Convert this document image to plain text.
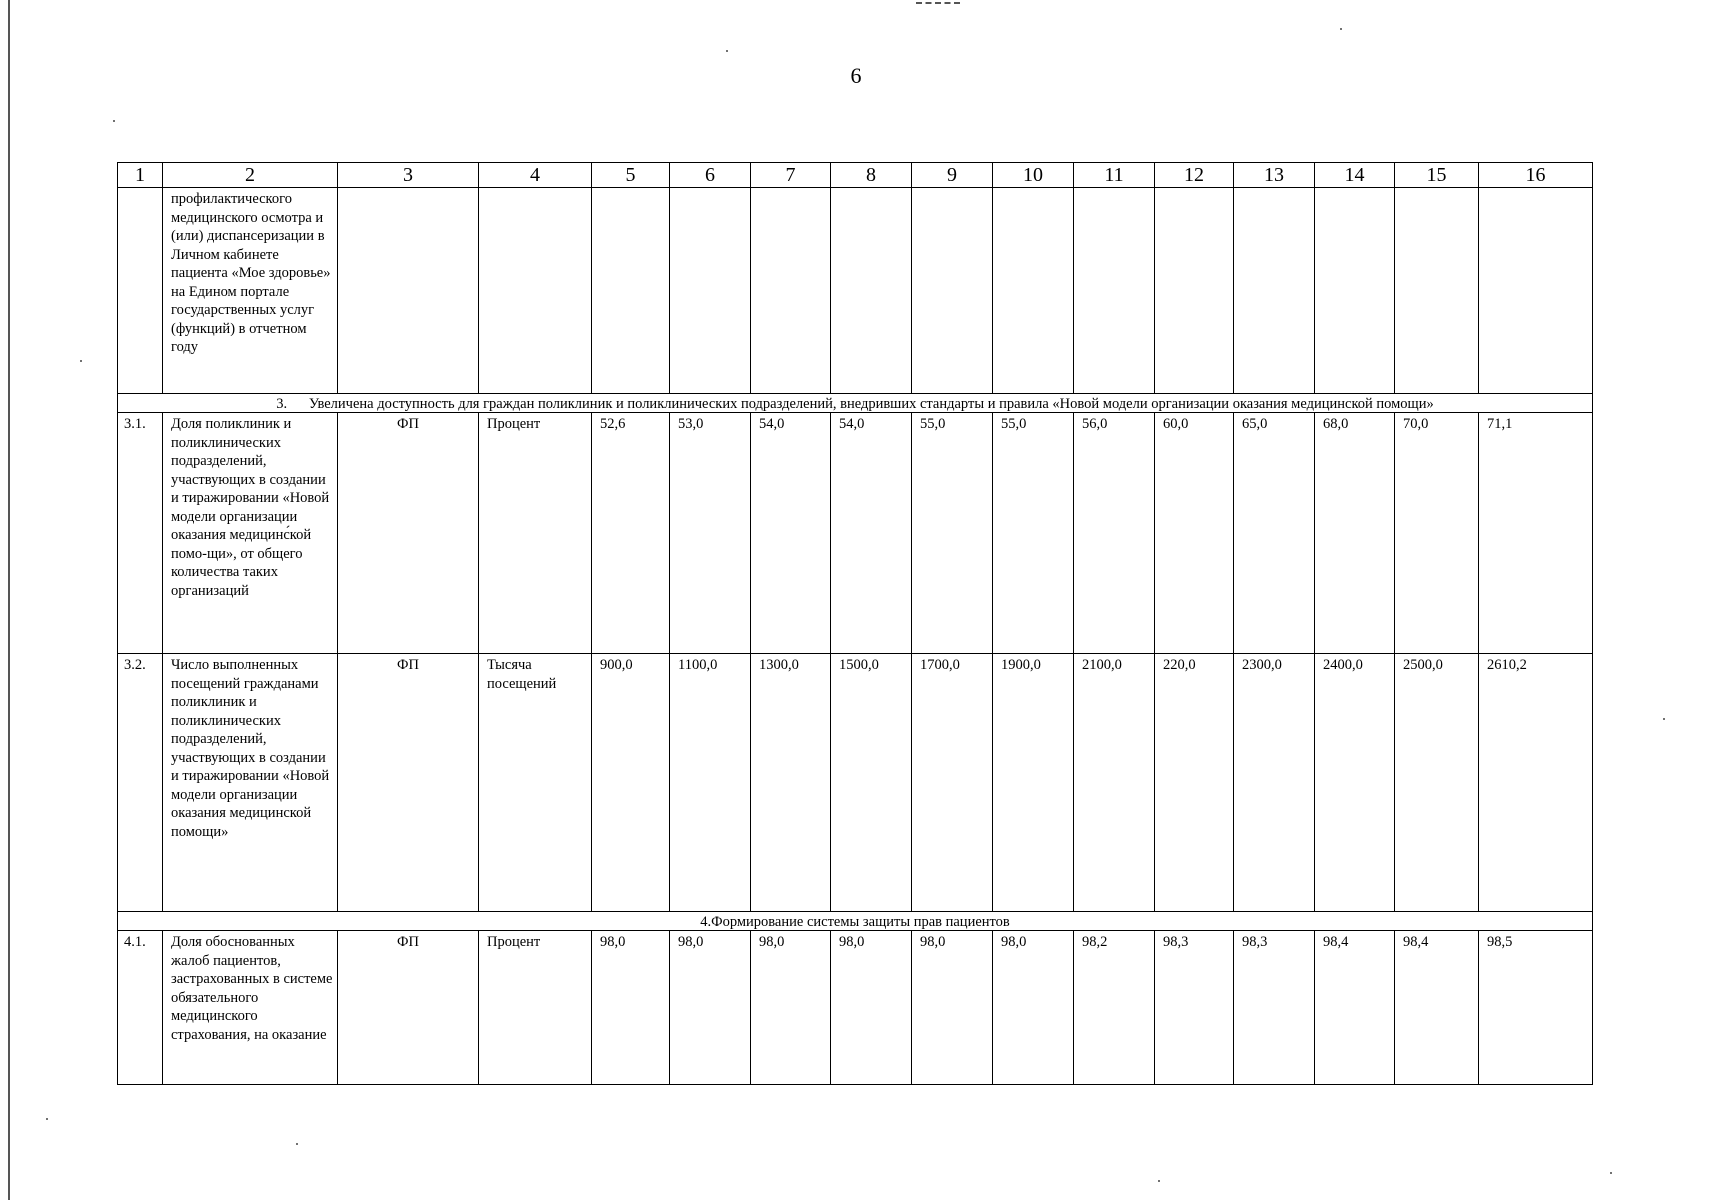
6
1	2	3	4	5	6	7	8	9	10	11	12	13	14	15	16
	профилактического медицинского осмотра и (или) диспансеризации в Личном кабинете пациента «Мое здоровье» на Едином портале государственных услуг (функций) в отчетном году														
3. Увеличена доступность для граждан поликлиник и поликлинических подразделений, внедривших стандарты и правила «Новой модели организации оказания медицинской помощи»															
3.1.	Доля поликлиник и поликлинических подразделений, участвующих в создании и тиражировании «Новой модели организации оказания медицинс́кой помо-щи», от общего количества таких организаций	ФП	Процент	52,6	53,0	54,0	54,0	55,0	55,0	56,0	60,0	65,0	68,0	70,0	71,1
3.2.	Число выполненных посещений гражданами поликлиник и поликлинических подразделений, участвующих в создании и тиражировании «Новой модели организации оказания медицинской помощи»	ФП	Тысяча посещений	900,0	1100,0	1300,0	1500,0	1700,0	1900,0	2100,0	220,0	2300,0	2400,0	2500,0	2610,2
4.Формирование системы защиты прав пациентов															
4.1.	Доля обоснованных жалоб пациентов, застрахованных в системе обязательного медицинского страхования, на оказание	ФП	Процент	98,0	98,0	98,0	98,0	98,0	98,0	98,2	98,3	98,3	98,4	98,4	98,5
